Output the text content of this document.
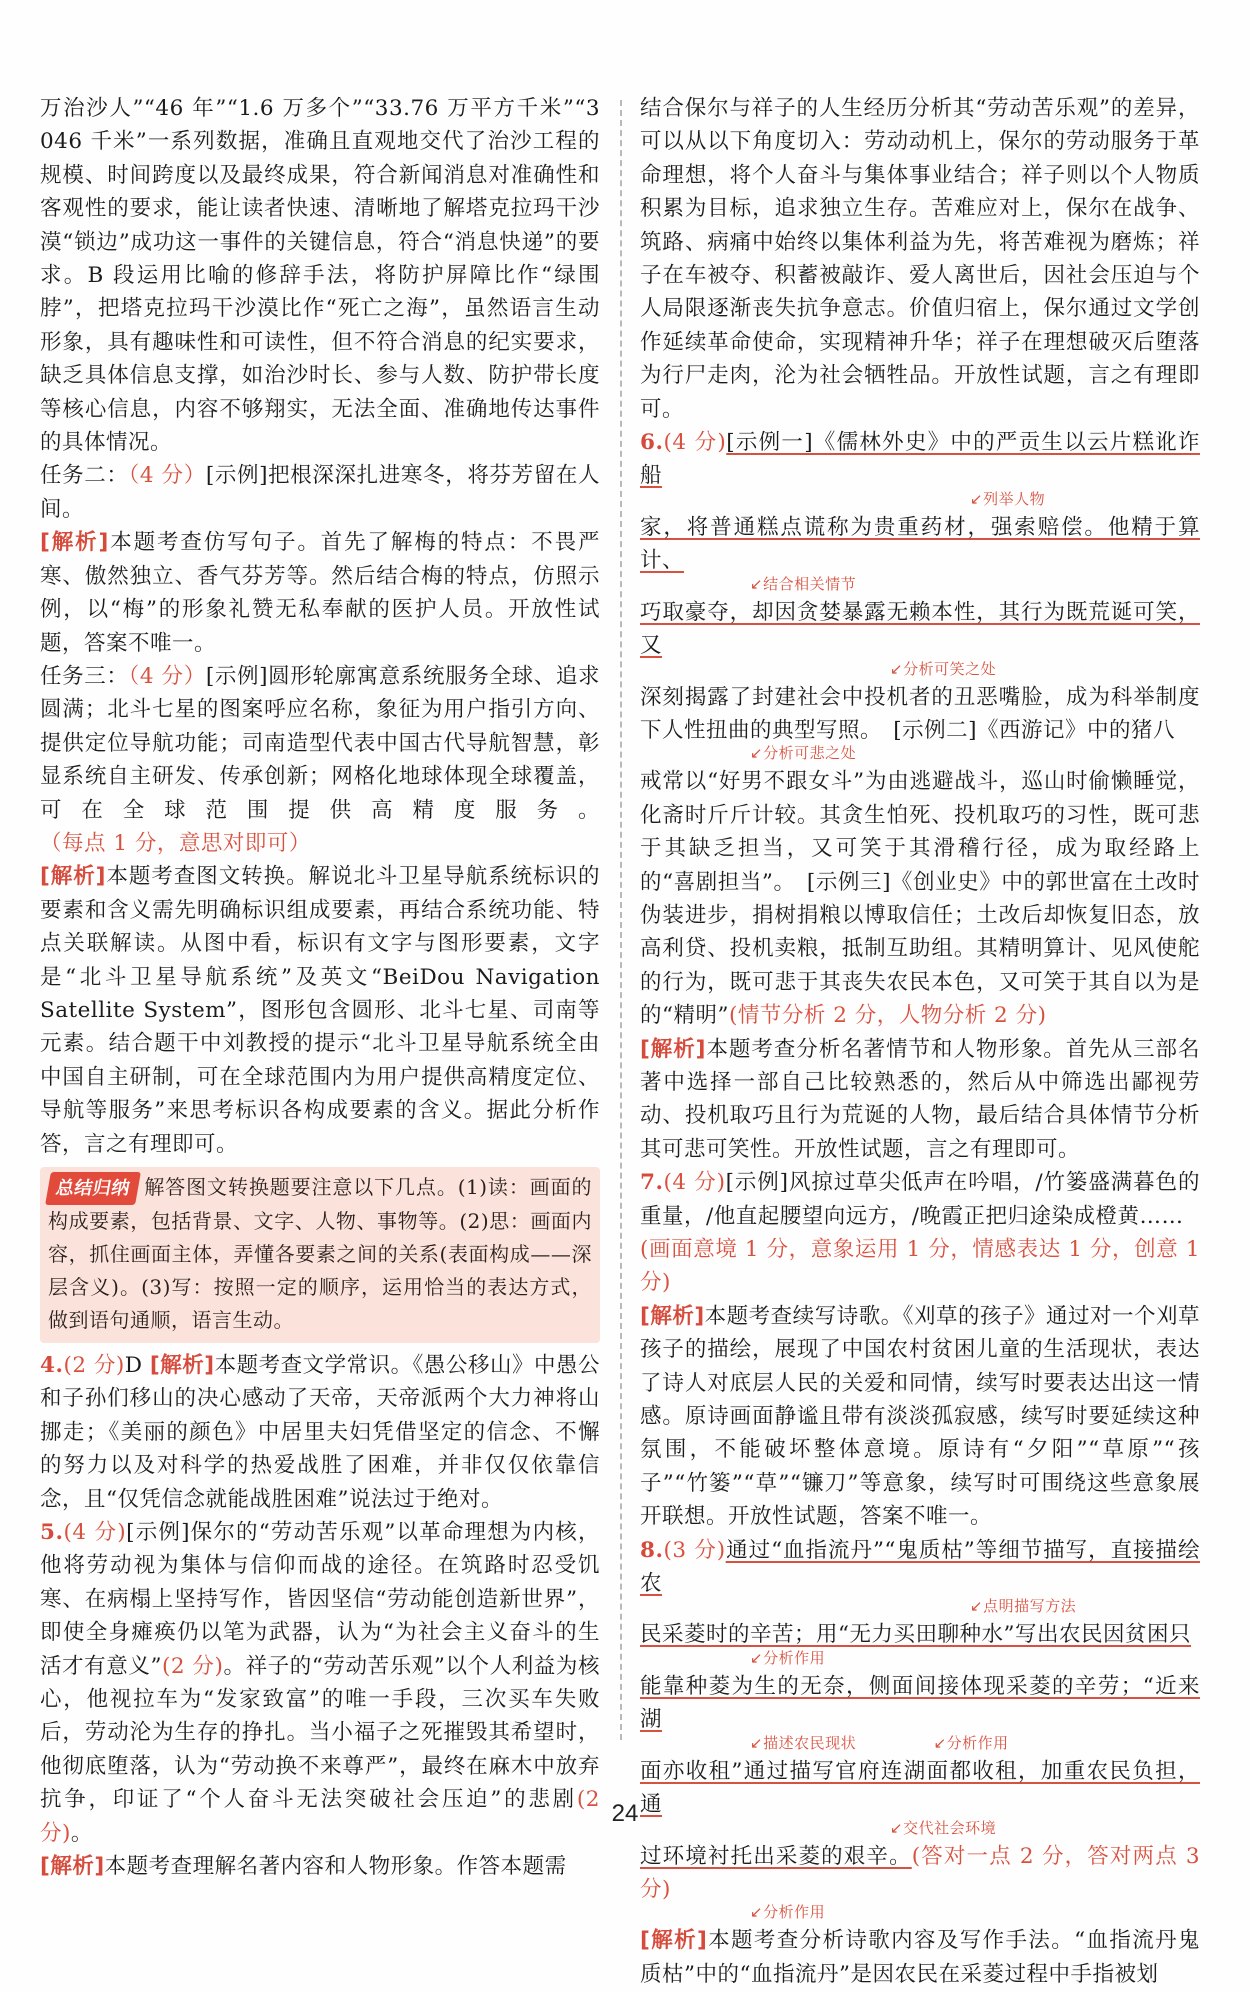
万治沙人”“46 年”“1.6 万多个”“33.76 万平方千米”“3 046 千米”一系列数据，准确且直观地交代了治沙工程的规模、时间跨度以及最终成果，符合新闻消息对准确性和客观性的要求，能让读者快速、清晰地了解塔克拉玛干沙漠“锁边”成功这一事件的关键信息，符合“消息快递”的要求。B 段运用比喻的修辞手法，将防护屏障比作“绿围脖”，把塔克拉玛干沙漠比作“死亡之海”，虽然语言生动形象，具有趣味性和可读性，但不符合消息的纪实要求，缺乏具体信息支撑，如治沙时长、参与人数、防护带长度等核心信息，内容不够翔实，无法全面、准确地传达事件的具体情况。

任务二：（4 分）[示例]把根深深扎进寒冬，将芬芳留在人间。

[解析]本题考查仿写句子。首先了解梅的特点：不畏严寒、傲然独立、香气芬芳等。然后结合梅的特点，仿照示例，以“梅”的形象礼赞无私奉献的医护人员。开放性试题，答案不唯一。

任务三：（4 分）[示例]圆形轮廓寓意系统服务全球、追求圆满；北斗七星的图案呼应名称，象征为用户指引方向、提供定位导航功能；司南造型代表中国古代导航智慧，彰显系统自主研发、传承创新；网格化地球体现全球覆盖，可在全球范围提供高精度服务。（每点 1 分，意思对即可）

[解析]本题考查图文转换。解说北斗卫星导航系统标识的要素和含义需先明确标识组成要素，再结合系统功能、特点关联解读。从图中看，标识有文字与图形要素，文字是“北斗卫星导航系统”及英文“BeiDou Navigation Satellite System”，图形包含圆形、北斗七星、司南等元素。结合题干中刘教授的提示“北斗卫星导航系统全由中国自主研制，可在全球范围内为用户提供高精度定位、导航等服务”来思考标识各构成要素的含义。据此分析作答，言之有理即可。

总结归纳 解答图文转换题要注意以下几点。(1)读：画面的构成要素，包括背景、文字、人物、事物等。(2)思：画面内容，抓住画面主体，弄懂各要素之间的关系(表面构成——深层含义)。(3)写：按照一定的顺序，运用恰当的表达方式，做到语句通顺，语言生动。

4.(2 分)D [解析]本题考查文学常识。《愚公移山》中愚公和子孙们移山的决心感动了天帝，天帝派两个大力神将山挪走；《美丽的颜色》中居里夫妇凭借坚定的信念、不懈的努力以及对科学的热爱战胜了困难，并非仅仅依靠信念，且“仅凭信念就能战胜困难”说法过于绝对。

5.(4 分)[示例]保尔的“劳动苦乐观”以革命理想为内核，他将劳动视为集体与信仰而战的途径。在筑路时忍受饥寒、在病榻上坚持写作，皆因坚信“劳动能创造新世界”，即使全身瘫痪仍以笔为武器，认为“为社会主义奋斗的生活才有意义”(2 分)。祥子的“劳动苦乐观”以个人利益为核心，他视拉车为“发家致富”的唯一手段，三次买车失败后，劳动沦为生存的挣扎。当小福子之死摧毁其希望时，他彻底堕落，认为“劳动换不来尊严”，最终在麻木中放弃抗争，印证了“个人奋斗无法突破社会压迫”的悲剧(2 分)。

[解析]本题考查理解名著内容和人物形象。作答本题需

结合保尔与祥子的人生经历分析其“劳动苦乐观”的差异，可以从以下角度切入：劳动动机上，保尔的劳动服务于革命理想，将个人奋斗与集体事业结合；祥子则以个人物质积累为目标，追求独立生存。苦难应对上，保尔在战争、筑路、病痛中始终以集体利益为先，将苦难视为磨炼；祥子在车被夺、积蓄被敲诈、爱人离世后，因社会压迫与个人局限逐渐丧失抗争意志。价值归宿上，保尔通过文学创作延续革命使命，实现精神升华；祥子在理想破灭后堕落为行尸走肉，沦为社会牺牲品。开放性试题，言之有理即可。

6.(4 分)[示例一]《儒林外史》中的严贡生以云片糕讹诈船

↙列举人物

家，将普通糕点谎称为贵重药材，强索赔偿。他精于算计、

↙结合相关情节

巧取豪夺，却因贪婪暴露无赖本性，其行为既荒诞可笑，又

↙分析可笑之处

深刻揭露了封建社会中投机者的丑恶嘴脸，成为科举制度下人性扭曲的典型写照。　[示例二]《西游记》中的猪八

↙分析可悲之处

戒常以“好男不跟女斗”为由逃避战斗，巡山时偷懒睡觉，化斋时斤斤计较。其贪生怕死、投机取巧的习性，既可悲于其缺乏担当，又可笑于其滑稽行径，成为取经路上的“喜剧担当”。　[示例三]《创业史》中的郭世富在土改时伪装进步，捐树捐粮以博取信任；土改后却恢复旧态，放高利贷、投机卖粮，抵制互助组。其精明算计、见风使舵的行为，既可悲于其丧失农民本色，又可笑于其自以为是的“精明”(情节分析 2 分，人物分析 2 分)

[解析]本题考查分析名著情节和人物形象。首先从三部名著中选择一部自己比较熟悉的，然后从中筛选出鄙视劳动、投机取巧且行为荒诞的人物，最后结合具体情节分析其可悲可笑性。开放性试题，言之有理即可。

7.(4 分)[示例]风掠过草尖低声在吟唱，/竹篓盛满暮色的重量，/他直起腰望向远方，/晚霞正把归途染成橙黄……

(画面意境 1 分，意象运用 1 分，情感表达 1 分，创意 1 分)

[解析]本题考查续写诗歌。《刈草的孩子》通过对一个刈草孩子的描绘，展现了中国农村贫困儿童的生活现状，表达了诗人对底层人民的关爱和同情，续写时要表达出这一情感。原诗画面静谧且带有淡淡孤寂感，续写时要延续这种氛围，不能破坏整体意境。原诗有“夕阳”“草原”“孩子”“竹篓”“草”“镰刀”等意象，续写时可围绕这些意象展开联想。开放性试题，答案不唯一。

8.(3 分)通过“血指流丹”“鬼质枯”等细节描写，直接描绘农

↙点明描写方法

民采菱时的辛苦；用“无力买田聊种水”写出农民因贫困只

↙分析作用

能靠种菱为生的无奈，侧面间接体现采菱的辛劳；“近来湖

↙描述农民现状　　　　　↙分析作用

面亦收租”通过描写官府连湖面都收租，加重农民负担，通

↙交代社会环境

过环境衬托出采菱的艰辛。(答对一点 2 分，答对两点 3 分)

↙分析作用

[解析]本题考查分析诗歌内容及写作手法。“血指流丹鬼质枯”中的“血指流丹”是因农民在采菱过程中手指被划

24
